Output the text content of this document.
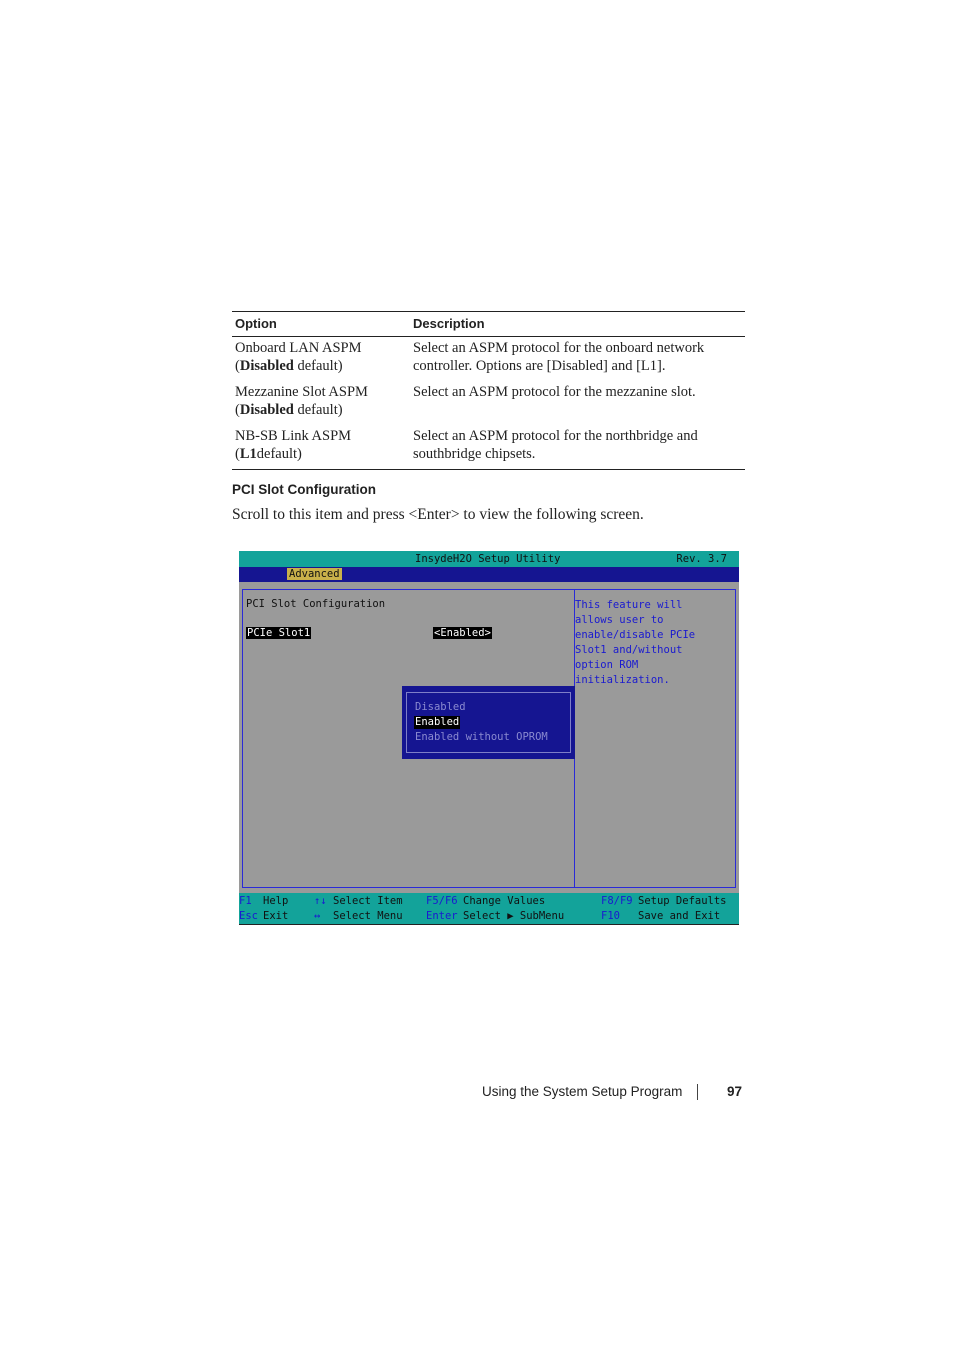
Option	Description
Onboard LAN ASPM
(Disabled default)	Select an ASPM protocol for the onboard network controller. Options are [Disabled] and [L1].
Mezzanine Slot ASPM
(Disabled default)	Select an ASPM protocol for the mezzanine slot.
NB-SB Link ASPM
(L1default)	Select an ASPM protocol for the northbridge and southbridge chipsets.
PCI Slot Configuration
Scroll to this item and press <Enter> to view the following screen.
InsydeH2O Setup Utility	Rev. 3.7
Advanced
PCI Slot Configuration
PCIe Slot1	<Enabled>
This feature will
allows user to
enable/disable PCIe
Slot1 and/without
option ROM
initialization.
Disabled
Enabled
Enabled without OPROM
F1 Help
Esc Exit
↑↓ Select Item
↔ Select Menu
F5/F6 Change Values
Enter Select ▶ SubMenu
F8/F9 Setup Defaults
F10 Save and Exit
Using the System Setup Program	97
